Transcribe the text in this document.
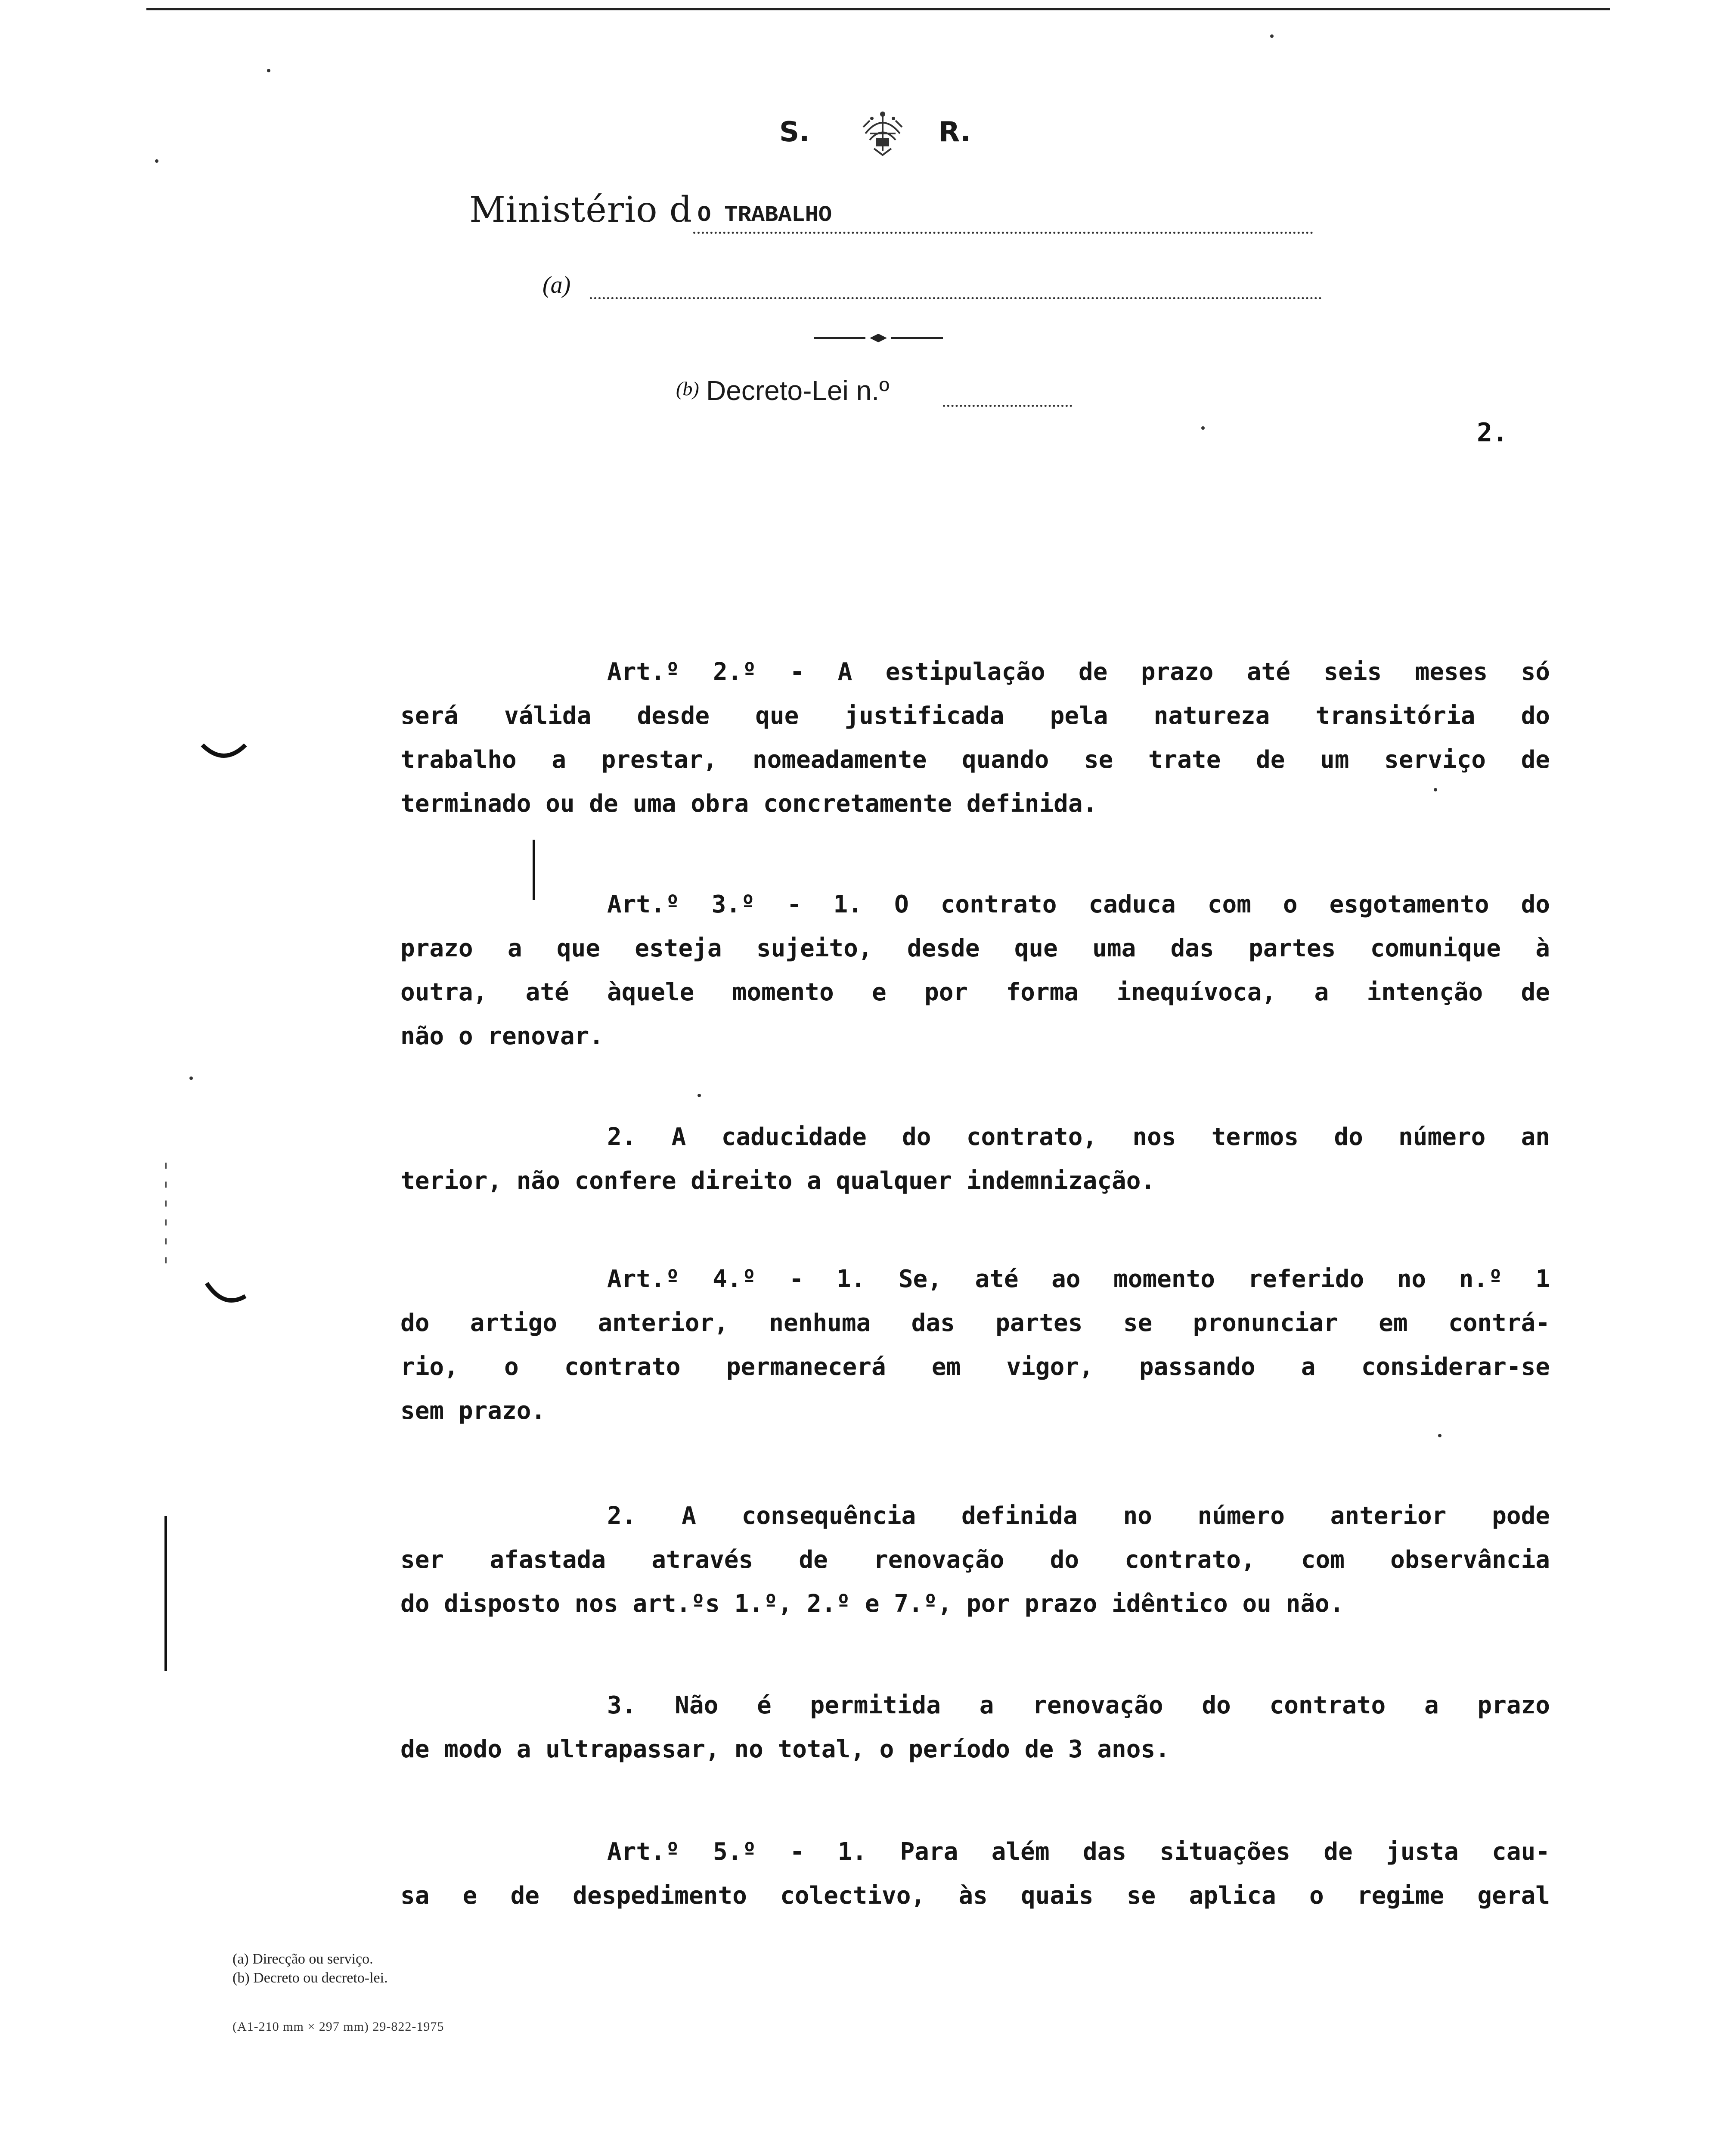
S.	R.
Ministério d O TRABALHO
(a)
(b) Decreto-Lei n.º
2.
Art.º 2.º - A estipulação de prazo até seis meses só
será válida desde que justificada pela natureza transitória do
trabalho a prestar, nomeadamente quando se trate de um serviço de
terminado ou de uma obra concretamente definida.
Art.º 3.º - 1. O contrato caduca com o esgotamento do
prazo a que esteja sujeito, desde que uma das partes comunique à
outra, até àquele momento e por forma inequívoca, a intenção de
não o renovar.
2. A caducidade do contrato, nos termos do número an
terior, não confere direito a qualquer indemnização.
Art.º 4.º - 1. Se, até ao momento referido no n.º 1
do artigo anterior, nenhuma das partes se pronunciar em contrá-
rio, o contrato permanecerá em vigor, passando a considerar-se
sem prazo.
2. A consequência definida no número anterior pode
ser afastada através de renovação do contrato, com observância
do disposto nos art.ºs 1.º, 2.º e 7.º, por prazo idêntico ou não.
3. Não é permitida a renovação do contrato a prazo
de modo a ultrapassar, no total, o período de 3 anos.
Art.º 5.º - 1. Para além das situações de justa cau-
sa e de despedimento colectivo, às quais se aplica o regime geral
(a) Direcção ou serviço.
(b) Decreto ou decreto-lei.
(A1-210 mm × 297 mm) 29-822-1975
